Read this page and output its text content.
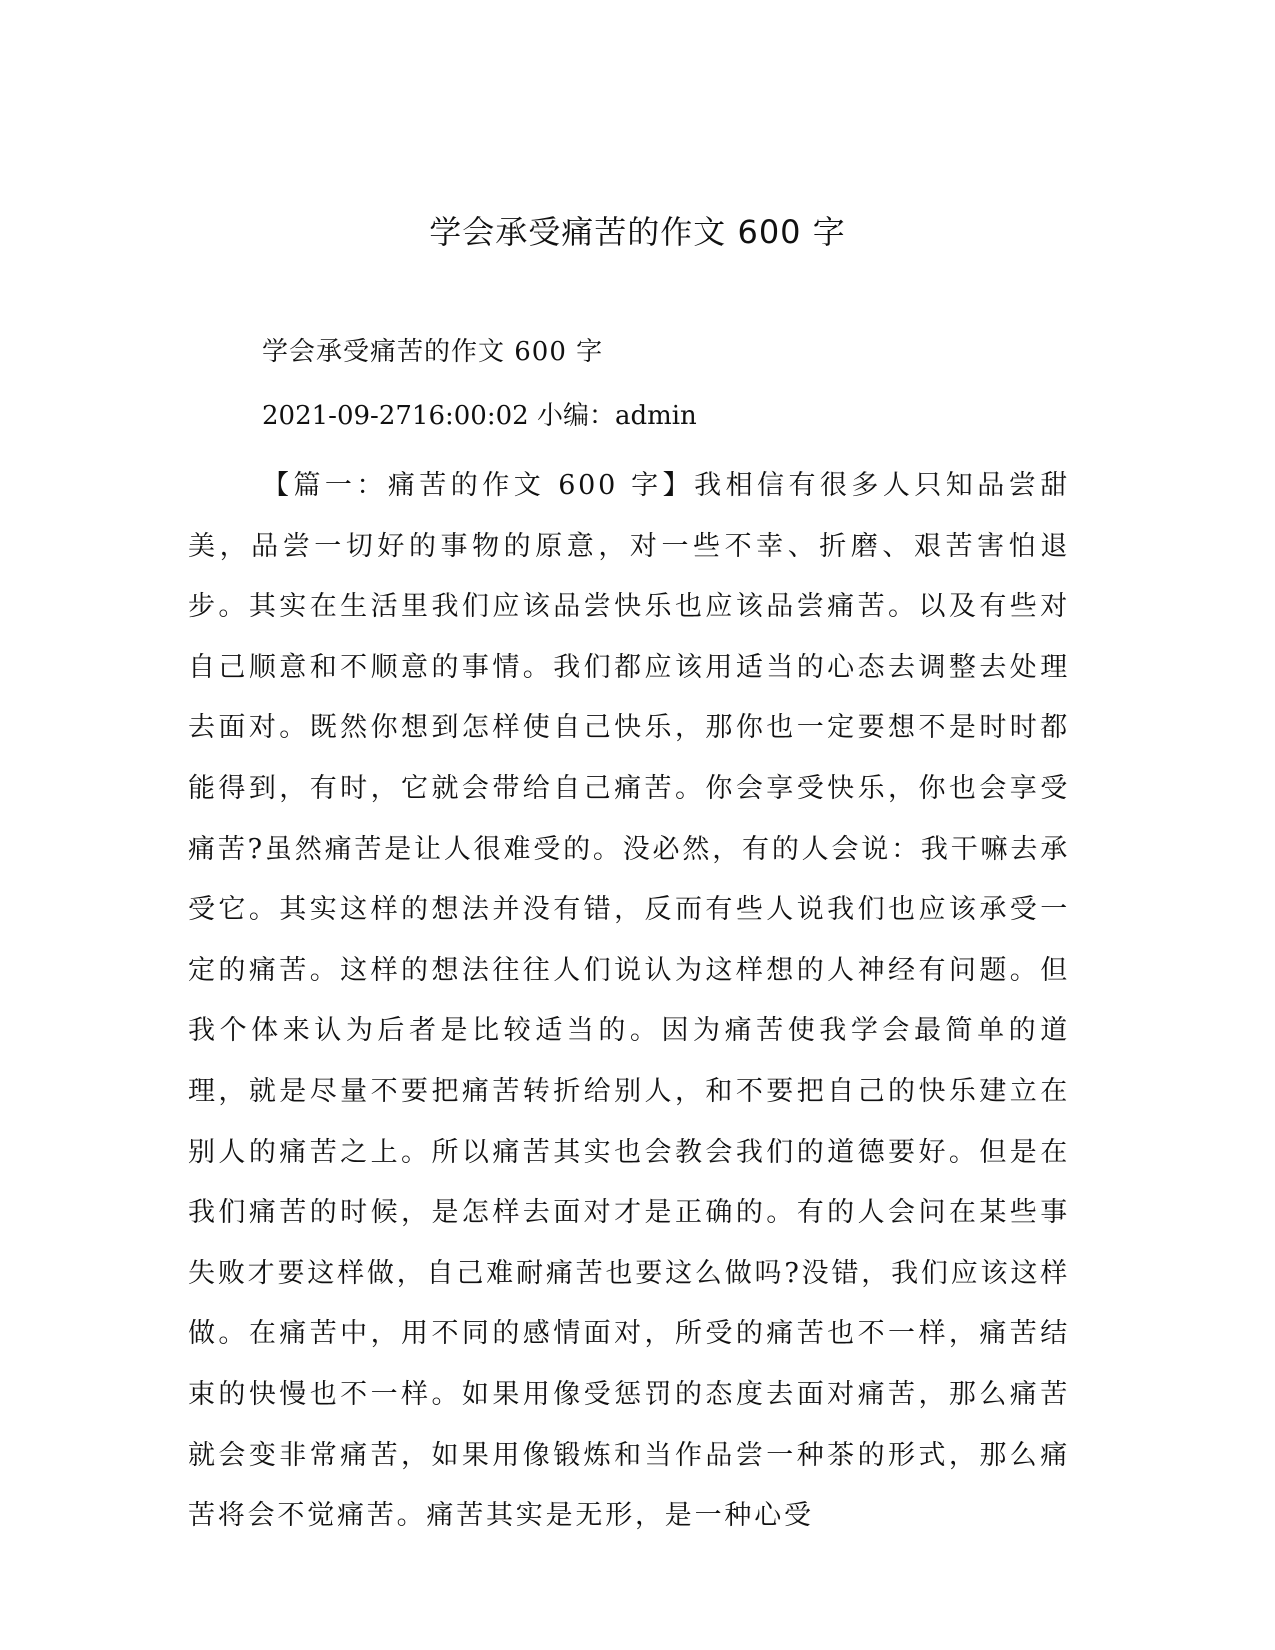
学会承受痛苦的作文 600 字
学会承受痛苦的作文 600 字
2021-09-2716:00:02 小编：admin

【篇一：痛苦的作文 600 字】我相信有很多人只知品尝甜美，品尝一切好的事物的原意，对一些不幸、折磨、艰苦害怕退步。其实在生活里我们应该品尝快乐也应该品尝痛苦。以及有些对自己顺意和不顺意的事情。我们都应该用适当的心态去调整去处理去面对。既然你想到怎样使自己快乐，那你也一定要想不是时时都能得到，有时，它就会带给自己痛苦。你会享受快乐，你也会享受痛苦?虽然痛苦是让人很难受的。没必然，有的人会说：我干嘛去承受它。其实这样的想法并没有错，反而有些人说我们也应该承受一定的痛苦。这样的想法往往人们说认为这样想的人神经有问题。但我个体来认为后者是比较适当的。因为痛苦使我学会最简单的道理，就是尽量不要把痛苦转折给别人，和不要把自己的快乐建立在别人的痛苦之上。所以痛苦其实也会教会我们的道德要好。但是在我们痛苦的时候，是怎样去面对才是正确的。有的人会问在某些事失败才要这样做，自己难耐痛苦也要这么做吗?没错，我们应该这样做。在痛苦中，用不同的感情面对，所受的痛苦也不一样，痛苦结束的快慢也不一样。如果用像受惩罚的态度去面对痛苦，那么痛苦就会变非常痛苦，如果用像锻炼和当作品尝一种茶的形式，那么痛苦将会不觉痛苦。痛苦其实是无形，是一种心受
